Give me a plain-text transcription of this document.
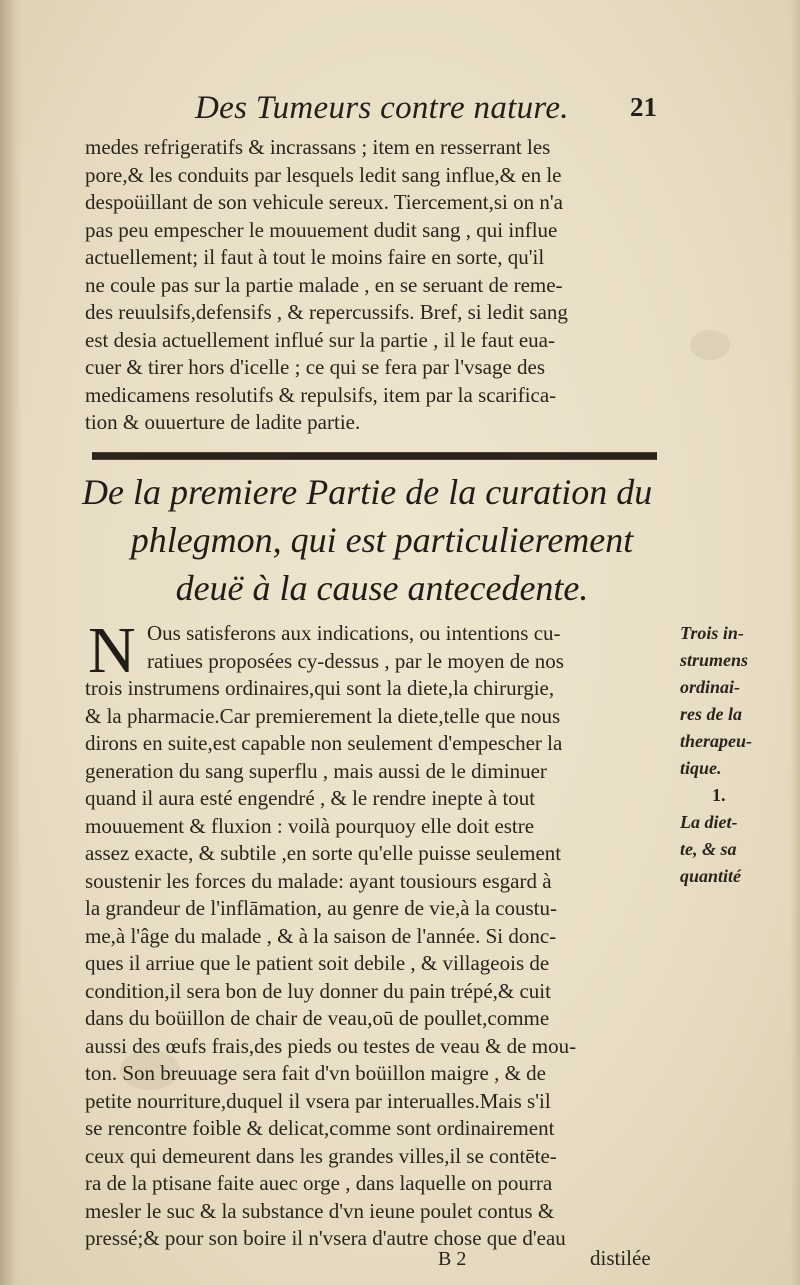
Des Tumeurs contre nature.	21
medes refrigeratifs & incrassans ; item en resserrant les
pore,& les conduits par lesquels ledit sang influe,& en le
despoüillant de son vehicule sereux. Tiercement,si on n'a
pas peu empescher le mouuement dudit sang , qui influe
actuellement; il faut à tout le moins faire en sorte, qu'il
ne coule pas sur la partie malade , en se seruant de reme-
des reuulsifs,defensifs , & repercussifs. Bref, si ledit sang
est desia actuellement influé sur la partie , il le faut eua-
cuer & tirer hors d'icelle ; ce qui se fera par l'vsage des
medicamens resolutifs & repulsifs, item par la scarifica-
tion & ouuerture de ladite partie.
De la premiere Partie de la curation du
phlegmon, qui est particulierement
deuë à la cause antecedente.
N Ous satisferons aux indications, ou intentions cu-
ratiues proposées cy-dessus , par le moyen de nos
trois instrumens ordinaires,qui sont la diete,la chirurgie,
& la pharmacie.Car premierement la diete,telle que nous
dirons en suite,est capable non seulement d'empescher la
generation du sang superflu , mais aussi de le diminuer
quand il aura esté engendré , & le rendre inepte à tout
mouuement & fluxion : voilà pourquoy elle doit estre
assez exacte, & subtile ,en sorte qu'elle puisse seulement
soustenir les forces du malade: ayant tousiours esgard à
la grandeur de l'inflāmation, au genre de vie,à la coustu-
me,à l'âge du malade , & à la saison de l'année. Si donc-
ques il arriue que le patient soit debile , & villageois de
condition,il sera bon de luy donner du pain trépé,& cuit
dans du boüillon de chair de veau,oū de poullet,comme
aussi des œufs frais,des pieds ou testes de veau & de mou-
ton. Son breuuage sera fait d'vn boüillon maigre , & de
petite nourriture,duquel il vsera par interualles.Mais s'il
se rencontre foible & delicat,comme sont ordinairement
ceux qui demeurent dans les grandes villes,il se contēte-
ra de la ptisane faite auec orge , dans laquelle on pourra
mesler le suc & la substance d'vn ieune poulet contus &
pressé;& pour son boire il n'vsera d'autre chose que d'eau
Trois in-
strumens
ordinai-
res de la
therapeu-
tique.
1.
La diet-
te, & sa
quantité
B 2	distilée
